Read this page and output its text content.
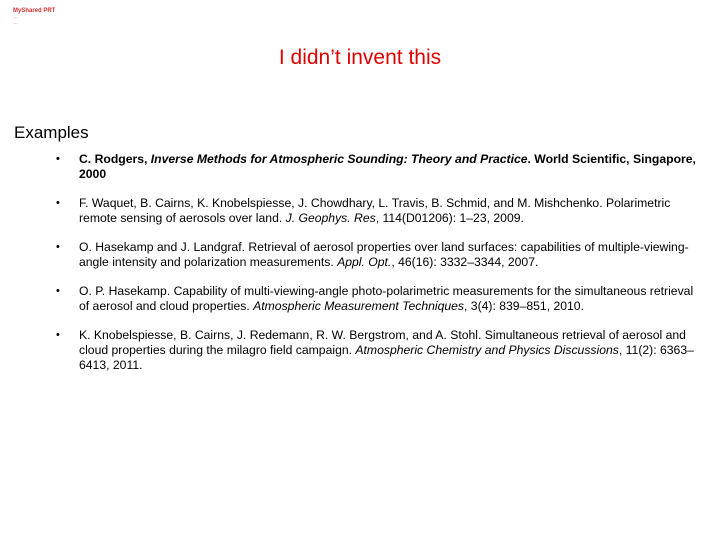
MyShared PRT
…
…
I didn’t invent this
Examples
• C. Rodgers, Inverse Methods for Atmospheric Sounding: Theory and Practice. World Scientific, Singapore, 2000
• F. Waquet, B. Cairns, K. Knobelspiesse, J. Chowdhary, L. Travis, B. Schmid, and M. Mishchenko. Polarimetric remote sensing of aerosols over land. J. Geophys. Res, 114(D01206): 1–23, 2009.
• O. Hasekamp and J. Landgraf. Retrieval of aerosol properties over land surfaces: capabilities of multiple-viewing-angle intensity and polarization measurements. Appl. Opt., 46(16): 3332–3344, 2007.
• O. P. Hasekamp. Capability of multi-viewing-angle photo-polarimetric measurements for the simultaneous retrieval of aerosol and cloud properties. Atmospheric Measurement Techniques, 3(4): 839–851, 2010.
• K. Knobelspiesse, B. Cairns, J. Redemann, R. W. Bergstrom, and A. Stohl. Simultaneous retrieval of aerosol and cloud properties during the milagro field campaign. Atmospheric Chemistry and Physics Discussions, 11(2): 6363–6413, 2011.
